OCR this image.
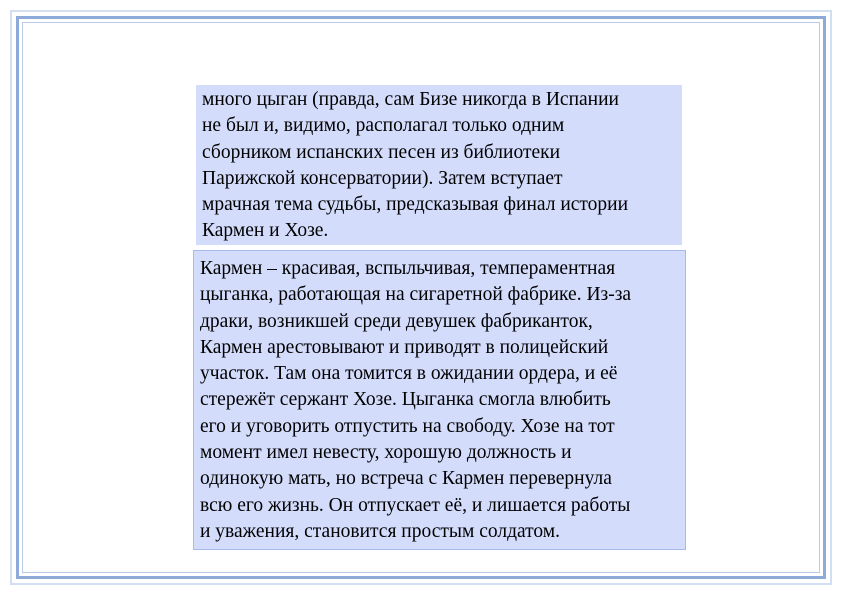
много цыган (правда, сам Бизе никогда в Испании
не был и, видимо, располагал только одним
сборником испанских песен из библиотеки
Парижской консерватории). Затем вступает
мрачная тема судьбы, предсказывая финал истории
Кармен и Хозе.
Кармен – красивая, вспыльчивая, темпераментная
цыганка, работающая на сигаретной фабрике. Из-за
драки, возникшей среди девушек фабриканток,
Кармен арестовывают и приводят в полицейский
участок. Там она томится в ожидании ордера, и её
стережёт сержант Хозе. Цыганка смогла влюбить
его и уговорить отпустить на свободу. Хозе на тот
момент имел невесту, хорошую должность и
одинокую мать, но встреча с Кармен перевернула
всю его жизнь. Он отпускает её, и лишается работы
и уважения, становится простым солдатом.
